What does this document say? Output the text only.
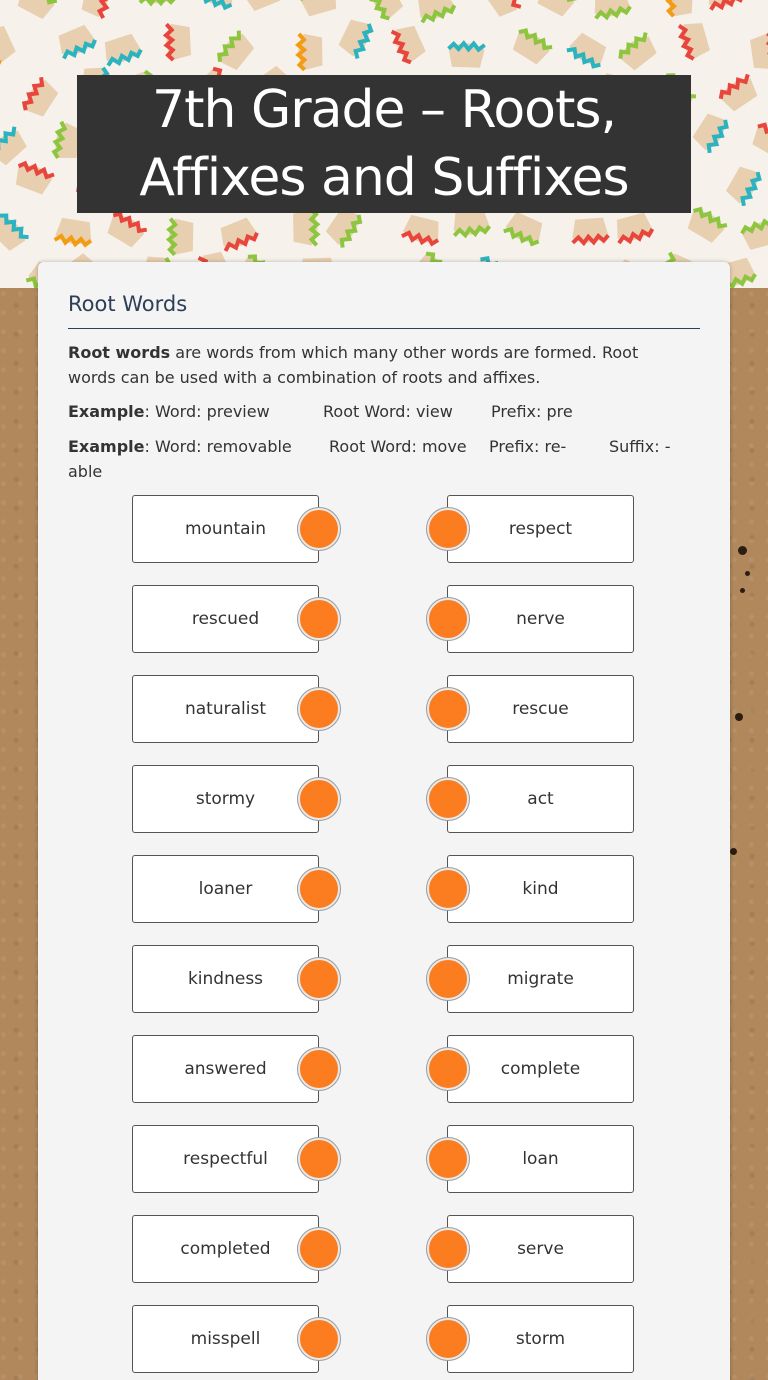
7th Grade – Roots,
Affixes and Suffixes
Root Words

Root words are words from which many other words are formed. Root words can be used with a combination of roots and affixes.

Example: Word: preview	Root Word: view Prefix: pre
Example: Word: removable Root Word: move Prefix: re-	Suffix: -
able
mountain	respect
rescued	nerve
naturalist	rescue
stormy	act
loaner	kind
kindness	migrate
answered	complete
respectful	loan
completed	serve
misspell	storm
